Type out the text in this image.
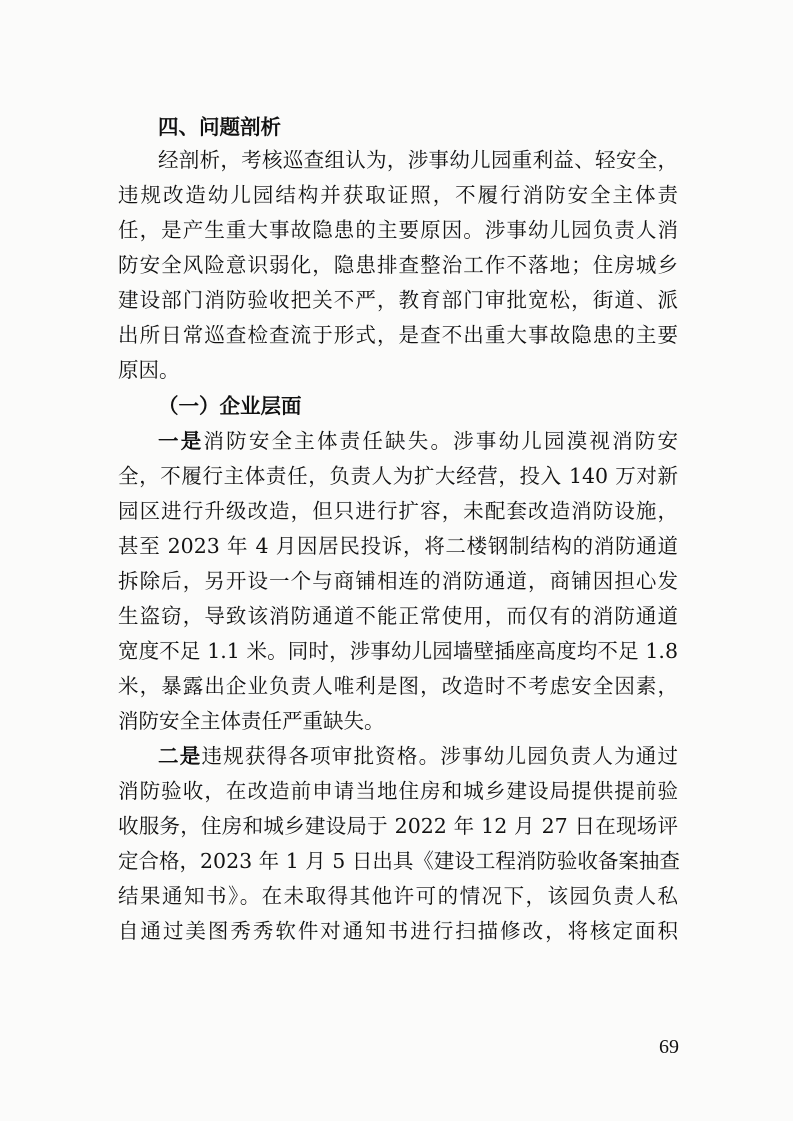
四、问题剖析

经剖析，考核巡查组认为，涉事幼儿园重利益、轻安全，

违规改造幼儿园结构并获取证照，不履行消防安全主体责

任，是产生重大事故隐患的主要原因。涉事幼儿园负责人消

防安全风险意识弱化，隐患排查整治工作不落地；住房城乡

建设部门消防验收把关不严，教育部门审批宽松，街道、派

出所日常巡查检查流于形式，是查不出重大事故隐患的主要

原因。

（一）企业层面

一是消防安全主体责任缺失。涉事幼儿园漠视消防安

全，不履行主体责任，负责人为扩大经营，投入 140 万对新

园区进行升级改造，但只进行扩容，未配套改造消防设施，

甚至 2023 年 4 月因居民投诉，将二楼钢制结构的消防通道

拆除后，另开设一个与商铺相连的消防通道，商铺因担心发

生盗窃，导致该消防通道不能正常使用，而仅有的消防通道

宽度不足 1.1 米。同时，涉事幼儿园墙壁插座高度均不足 1.8

米，暴露出企业负责人唯利是图，改造时不考虑安全因素，

消防安全主体责任严重缺失。

二是违规获得各项审批资格。涉事幼儿园负责人为通过

消防验收，在改造前申请当地住房和城乡建设局提供提前验

收服务，住房和城乡建设局于 2022 年 12 月 27 日在现场评

定合格，2023 年 1 月 5 日出具《建设工程消防验收备案抽查

结果通知书》。在未取得其他许可的情况下，该园负责人私

自通过美图秀秀软件对通知书进行扫描修改，将核定面积

69
